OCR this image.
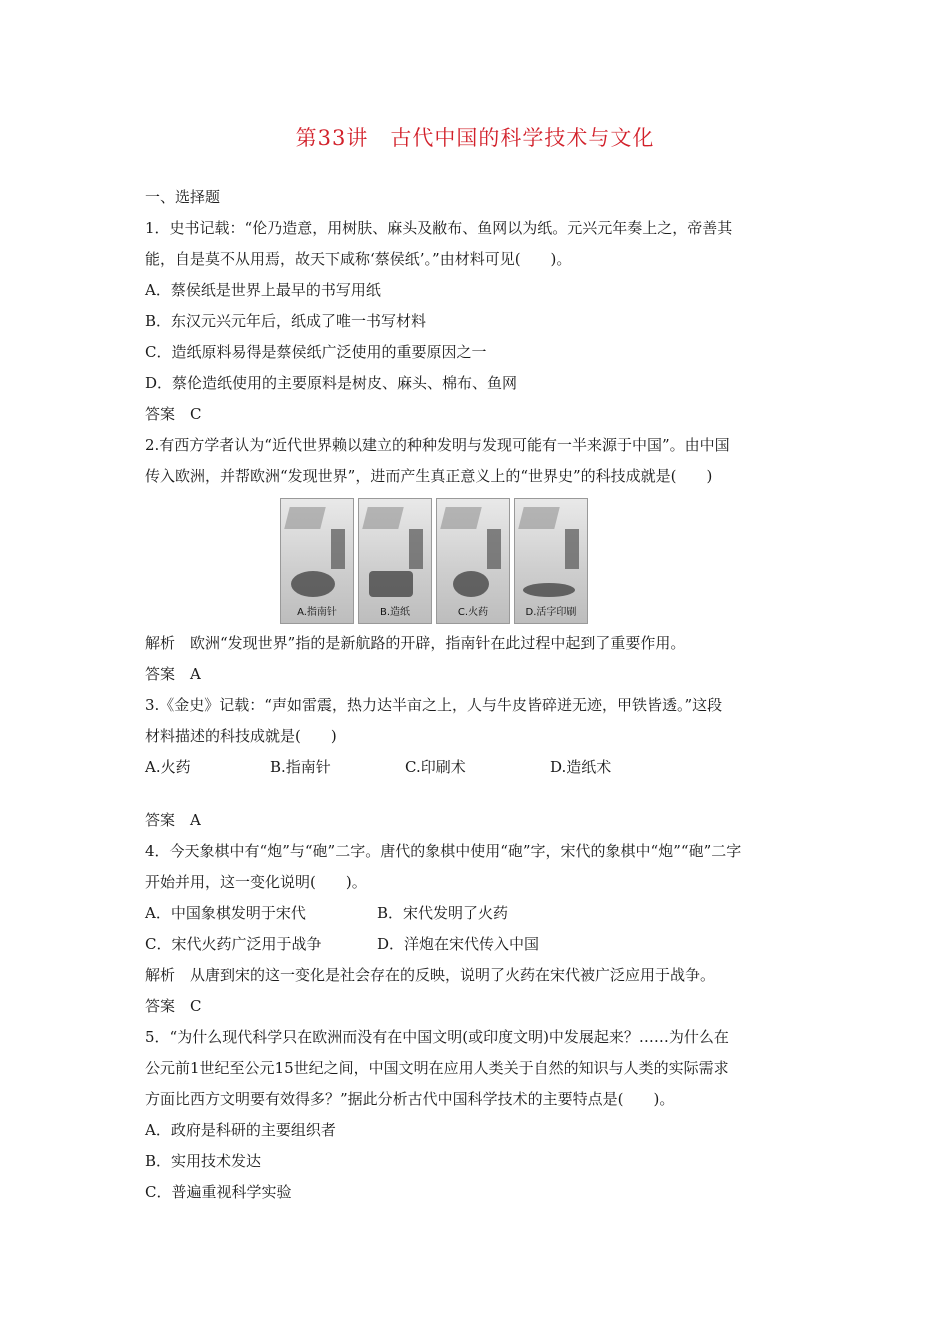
第33讲　古代中国的科学技术与文化
一、选择题
1．史书记载：“伦乃造意，用树肤、麻头及敝布、鱼网以为纸。元兴元年奏上之，帝善其
能，自是莫不从用焉，故天下咸称‘蔡侯纸’。”由材料可见(　　)。
A．蔡侯纸是世界上最早的书写用纸
B．东汉元兴元年后，纸成了唯一书写材料
C．造纸原料易得是蔡侯纸广泛使用的重要原因之一
D．蔡伦造纸使用的主要原料是树皮、麻头、棉布、鱼网
答案　C
2.有西方学者认为“近代世界赖以建立的种种发明与发现可能有一半来源于中国”。由中国
传入欧洲，并帮欧洲“发现世界”，进而产生真正意义上的“世界史”的科技成就是(　　)
A.指南针	B.造纸	C.火药	D.活字印刷
解析　欧洲“发现世界”指的是新航路的开辟，指南针在此过程中起到了重要作用。
答案　A
3.《金史》记载：“声如雷震，热力达半亩之上，人与牛皮皆碎迸无迹，甲铁皆透。”这段
材料描述的科技成就是(　　)
A.火药	B.指南针	C.印刷术	D.造纸术
答案　A
4．今天象棋中有“炮”与“砲”二字。唐代的象棋中使用“砲”字，宋代的象棋中“炮”“砲”二字
开始并用，这一变化说明(　　)。
A．中国象棋发明于宋代	B．宋代发明了火药
C．宋代火药广泛用于战争	D．洋炮在宋代传入中国
解析　从唐到宋的这一变化是社会存在的反映，说明了火药在宋代被广泛应用于战争。
答案　C
5．“为什么现代科学只在欧洲而没有在中国文明(或印度文明)中发展起来？……为什么在
公元前1世纪至公元15世纪之间，中国文明在应用人类关于自然的知识与人类的实际需求
方面比西方文明要有效得多？”据此分析古代中国科学技术的主要特点是(　　)。
A．政府是科研的主要组织者
B．实用技术发达
C．普遍重视科学实验
